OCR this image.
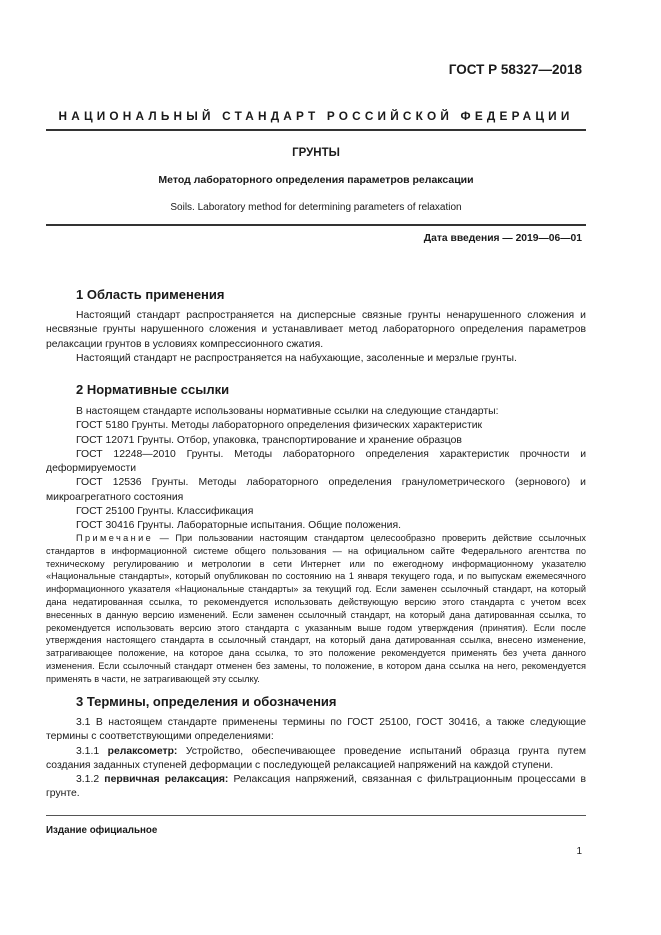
ГОСТ Р 58327—2018
НАЦИОНАЛЬНЫЙ СТАНДАРТ РОССИЙСКОЙ ФЕДЕРАЦИИ
ГРУНТЫ
Метод лабораторного определения параметров релаксации
Soils. Laboratory method for determining parameters of relaxation
Дата введения — 2019—06—01
1 Область применения

Настоящий стандарт распространяется на дисперсные связные грунты ненарушенного сложения и несвязные грунты нарушенного сложения и устанавливает метод лабораторного определения параметров релаксации грунтов в условиях компрессионного сжатия.

Настоящий стандарт не распространяется на набухающие, засоленные и мерзлые грунты.

2 Нормативные ссылки

В настоящем стандарте использованы нормативные ссылки на следующие стандарты:

ГОСТ 5180 Грунты. Методы лабораторного определения физических характеристик

ГОСТ 12071 Грунты. Отбор, упаковка, транспортирование и хранение образцов

ГОСТ 12248—2010 Грунты. Методы лабораторного определения характеристик прочности и деформируемости

ГОСТ 12536 Грунты. Методы лабораторного определения гранулометрического (зернового) и микроагрегатного состояния

ГОСТ 25100 Грунты. Классификация

ГОСТ 30416 Грунты. Лабораторные испытания. Общие положения.

Примечание — При пользовании настоящим стандартом целесообразно проверить действие ссылочных стандартов в информационной системе общего пользования — на официальном сайте Федерального агентства по техническому регулированию и метрологии в сети Интернет или по ежегодному информационному указателю «Национальные стандарты», который опубликован по состоянию на 1 января текущего года, и по выпускам ежемесячного информационного указателя «Национальные стандарты» за текущий год. Если заменен ссылочный стандарт, на который дана недатированная ссылка, то рекомендуется использовать действующую версию этого стандарта с учетом всех внесенных в данную версию изменений. Если заменен ссылочный стандарт, на который дана датированная ссылка, то рекомендуется использовать версию этого стандарта с указанным выше годом утверждения (принятия). Если после утверждения настоящего стандарта в ссылочный стандарт, на который дана датированная ссылка, внесено изменение, затрагивающее положение, на которое дана ссылка, то это положение рекомендуется применять без учета данного изменения. Если ссылочный стандарт отменен без замены, то положение, в котором дана ссылка на него, рекомендуется применять в части, не затрагивающей эту ссылку.

3 Термины, определения и обозначения

3.1 В настоящем стандарте применены термины по ГОСТ 25100, ГОСТ 30416, а также следующие термины с соответствующими определениями:

3.1.1 релаксометр: Устройство, обеспечивающее проведение испытаний образца грунта путем создания заданных ступеней деформации с последующей релаксацией напряжений на каждой ступени.

3.1.2 первичная релаксация: Релаксация напряжений, связанная с фильтрационным процессами в грунте.

Издание официальное
1
